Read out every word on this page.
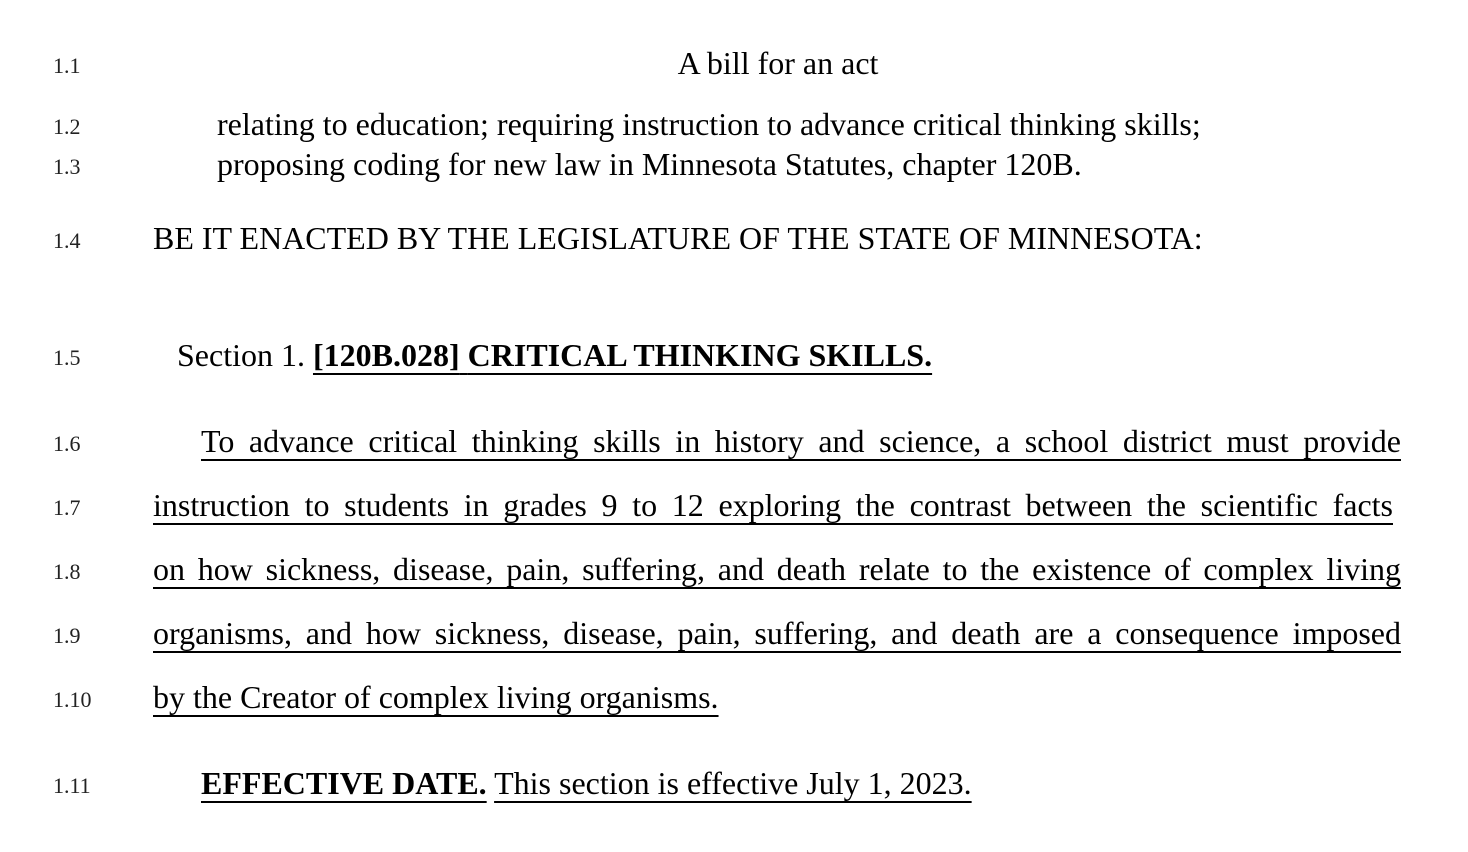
1.1
1.2
1.3
1.4
1.5
1.6
1.7
1.8
1.9
1.10
1.11
A bill for an act
relating to education; requiring instruction to advance critical thinking skills;
proposing coding for new law in Minnesota Statutes, chapter 120B.
BE IT ENACTED BY THE LEGISLATURE OF THE STATE OF MINNESOTA:
Section 1. [120B.028] CRITICAL THINKING SKILLS.
To advance critical thinking skills in history and science, a school district must provide
instruction to students in grades 9 to 12 exploring the contrast between the scientific facts
on how sickness, disease, pain, suffering, and death relate to the existence of complex living
organisms, and how sickness, disease, pain, suffering, and death are a consequence imposed
by the Creator of complex living organisms.
EFFECTIVE DATE. This section is effective July 1, 2023.
